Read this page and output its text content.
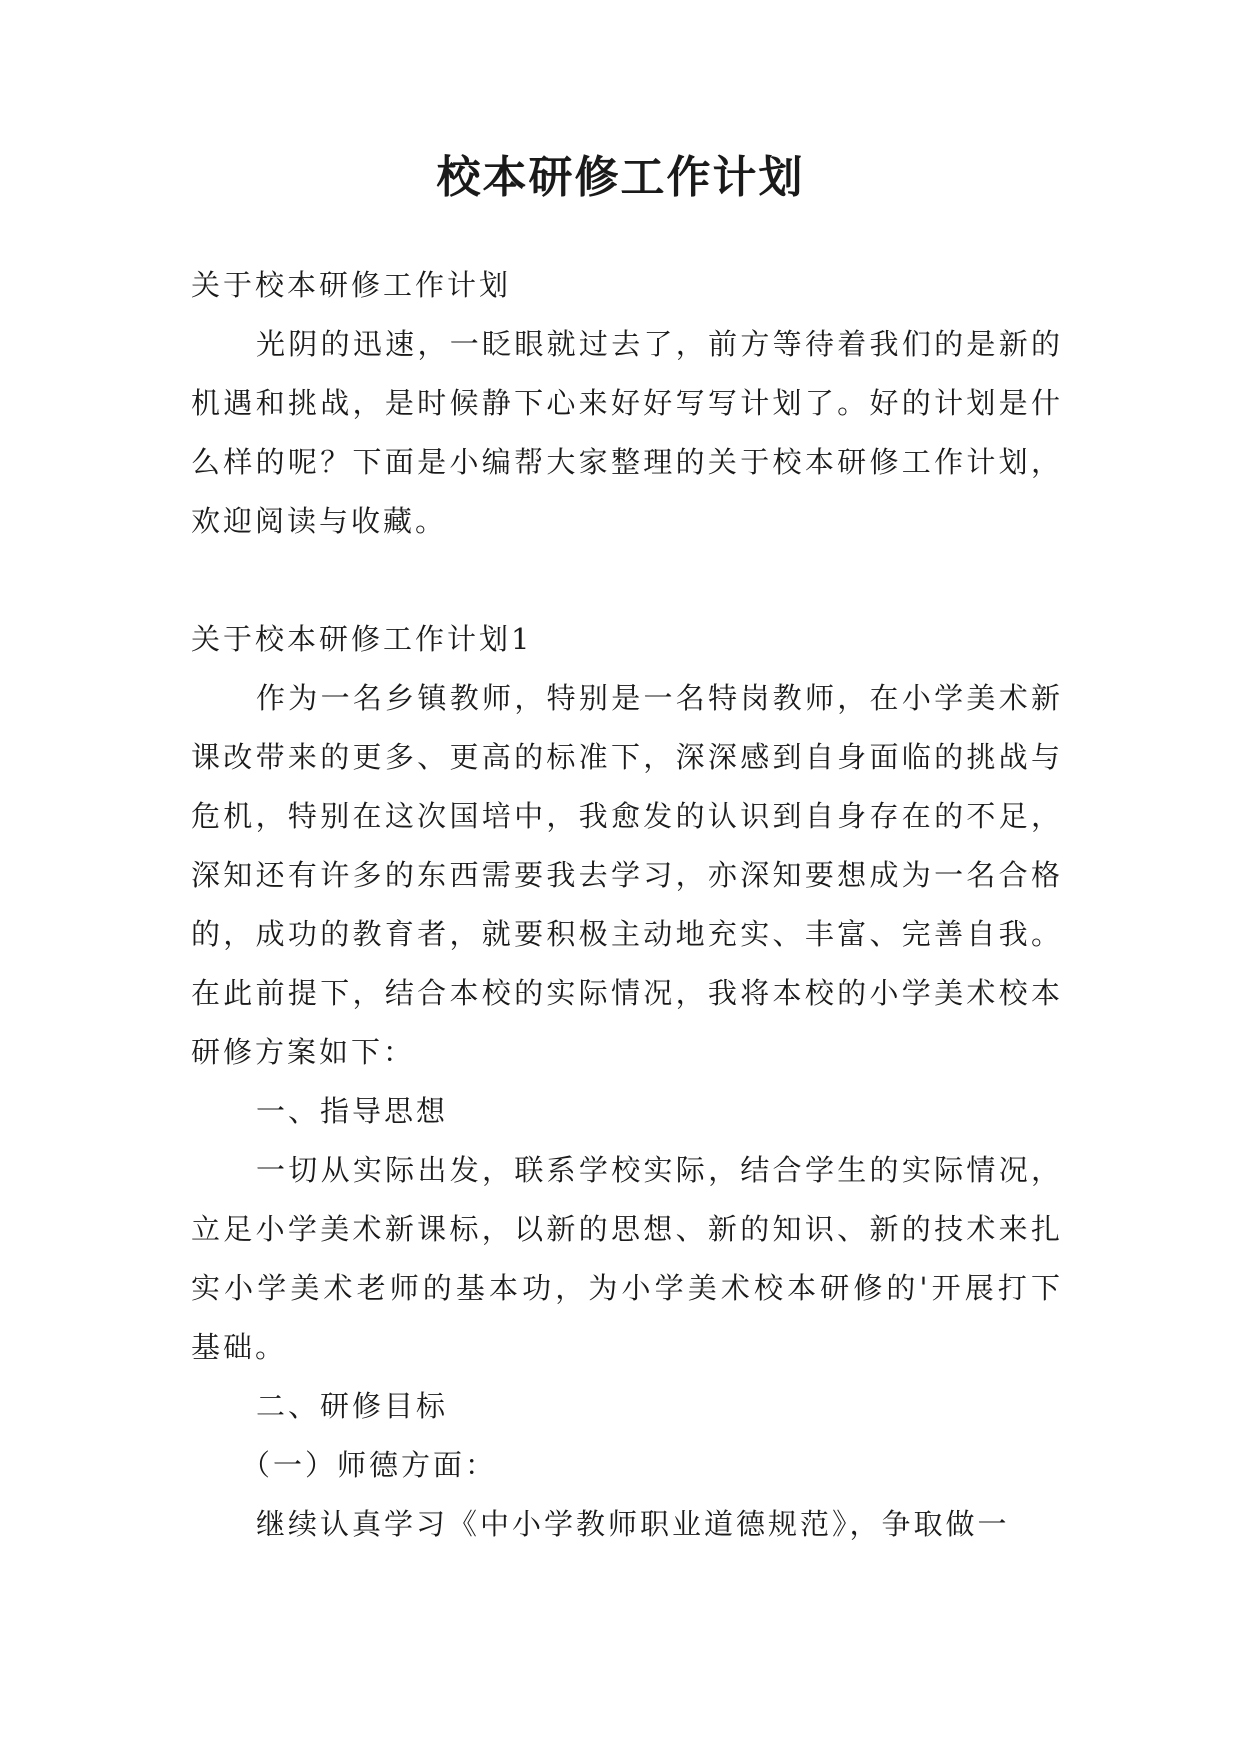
校本研修工作计划

关于校本研修工作计划

光阴的迅速，一眨眼就过去了，前方等待着我们的是新的机遇和挑战，是时候静下心来好好写写计划了。好的计划是什么样的呢？下面是小编帮大家整理的关于校本研修工作计划，欢迎阅读与收藏。

关于校本研修工作计划1

作为一名乡镇教师，特别是一名特岗教师，在小学美术新课改带来的更多、更高的标准下，深深感到自身面临的挑战与危机，特别在这次国培中，我愈发的认识到自身存在的不足，深知还有许多的东西需要我去学习，亦深知要想成为一名合格的，成功的教育者，就要积极主动地充实、丰富、完善自我。在此前提下，结合本校的实际情况，我将本校的小学美术校本研修方案如下：

一、指导思想

一切从实际出发，联系学校实际，结合学生的实际情况，立足小学美术新课标，以新的思想、新的知识、新的技术来扎实小学美术老师的基本功，为小学美术校本研修的'开展打下基础。

二、研修目标

（一）师德方面：

继续认真学习《中小学教师职业道德规范》，争取做一
